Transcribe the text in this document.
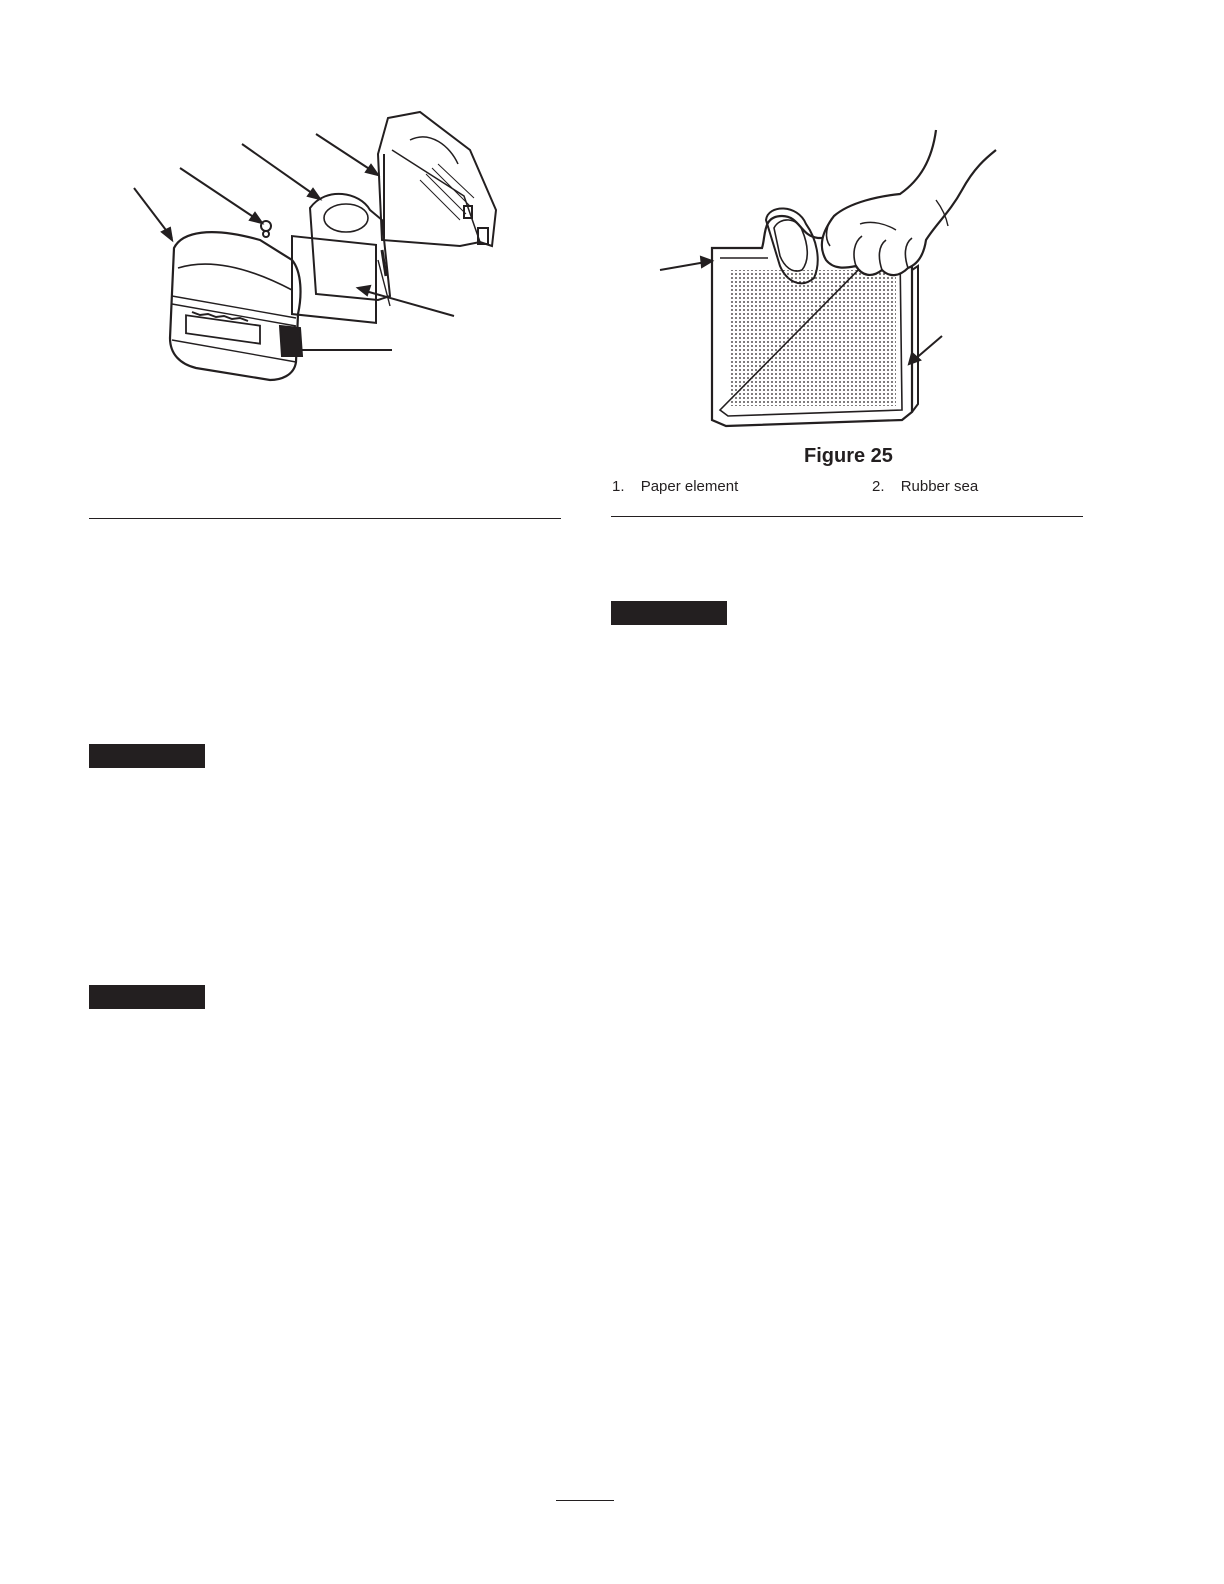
Figure 25
1. Paper element	2. Rubber sea
